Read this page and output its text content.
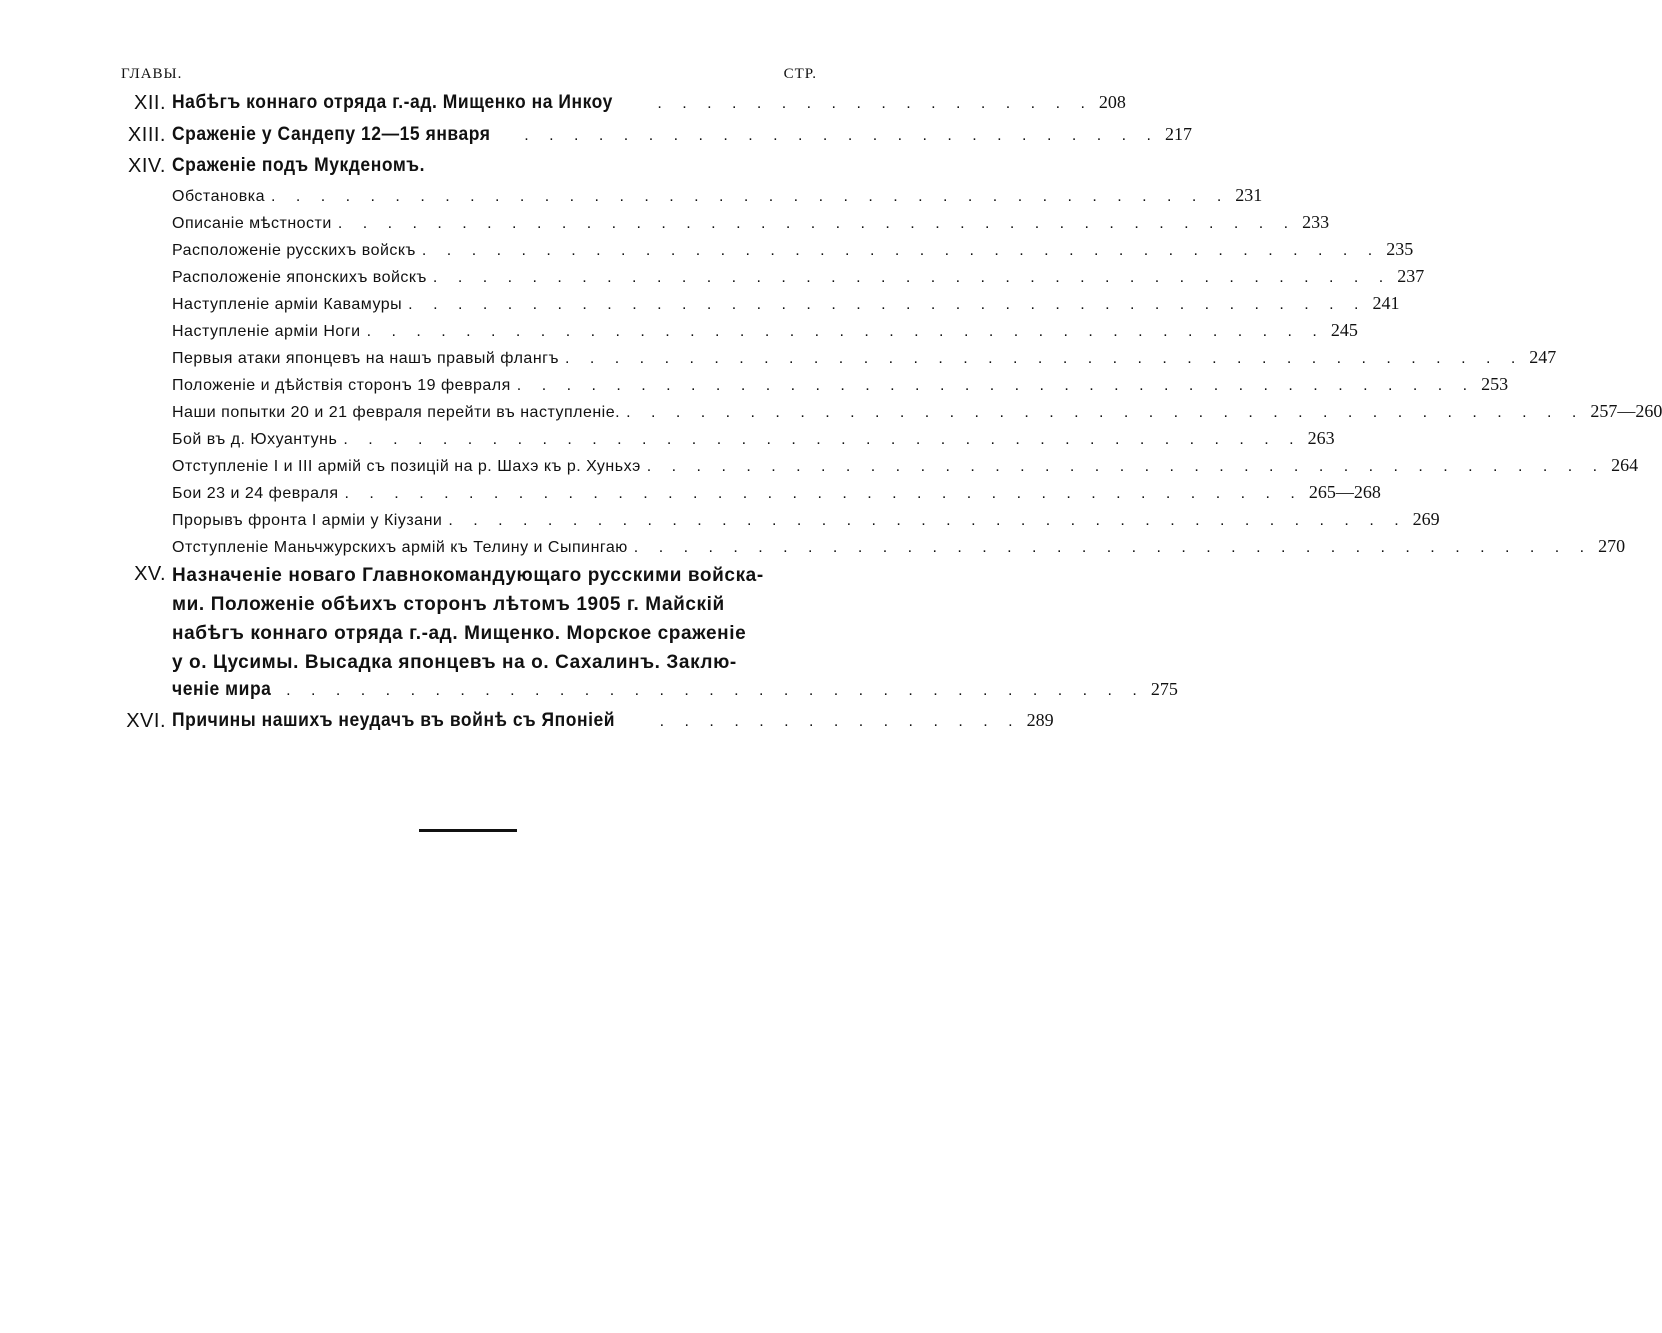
ГЛАВЫ.	СТР.
XII. Набѣгъ коннаго отряда г.-ад. Мищенко на Инкоу	. . . . . . . . . . . . . . . . . . 208
XIII. Сраженіе у Сандепу 12—15 января . . . . . . . . . . . . . . . . . . . . . . . . . . 217
XIV. Сраженіе подъ Мукденомъ.
Обстановка . . . . . . . . . . . . . . . . . . . . . . . . . . . . . . . . . . . . . . . 231
Описаніе мѣстности . . . . . . . . . . . . . . . . . . . . . . . . . . . . . . . . . . . . . . . 233
Расположеніе русскихъ войскъ . . . . . . . . . . . . . . . . . . . . . . . . . . . . . . . . . . . . . . . 235
Расположеніе японскихъ войскъ . . . . . . . . . . . . . . . . . . . . . . . . . . . . . . . . . . . . . . . 237
Наступленіе арміи Кавамуры . . . . . . . . . . . . . . . . . . . . . . . . . . . . . . . . . . . . . . . 241
Наступленіе арміи Ноги . . . . . . . . . . . . . . . . . . . . . . . . . . . . . . . . . . . . . . . 245
Первыя атаки японцевъ на нашъ правый флангъ . . . . . . . . . . . . . . . . . . . . . . . . . . . . . . . . . . . . . . . 247
Положеніе и дѣйствія сторонъ 19 февраля . . . . . . . . . . . . . . . . . . . . . . . . . . . . . . . . . . . . . . . 253
Наши попытки 20 и 21 февраля перейти въ наступленіе. . . . . . . . . . . . . . . . . . . . . . . . . . . . . . . . . . . . . . . . 257—260
Бой въ д. Юхуантунь . . . . . . . . . . . . . . . . . . . . . . . . . . . . . . . . . . . . . . . 263
Отступленіе I и III армій съ позицій на р. Шахэ къ р. Хуньхэ . . . . . . . . . . . . . . . . . . . . . . . . . . . . . . . . . . . . . . . 264
Бои 23 и 24 февраля . . . . . . . . . . . . . . . . . . . . . . . . . . . . . . . . . . . . . . . 265—268
Прорывъ фронта I арміи у Кіузани . . . . . . . . . . . . . . . . . . . . . . . . . . . . . . . . . . . . . . . 269
Отступленіе Маньчжурскихъ армій къ Телину и Сыпингаю . . . . . . . . . . . . . . . . . . . . . . . . . . . . . . . . . . . . . . . 270
XV. Назначеніе новаго Главнокомандующаго русскими войска-
ми. Положеніе обѣихъ сторонъ лѣтомъ 1905 г. Майскій
набѣгъ коннаго отряда г.-ад. Мищенко. Морское сраженіе
у о. Цусимы. Высадка японцевъ на о. Сахалинъ. Заклю-
ченіе мира . . . . . . . . . . . . . . . . . . . . . . . . . . . . . . . . . . . 275
XVI. Причины нашихъ неудачъ въ войнѣ съ Японіей	. . . . . . . . . . . . . . . 289
